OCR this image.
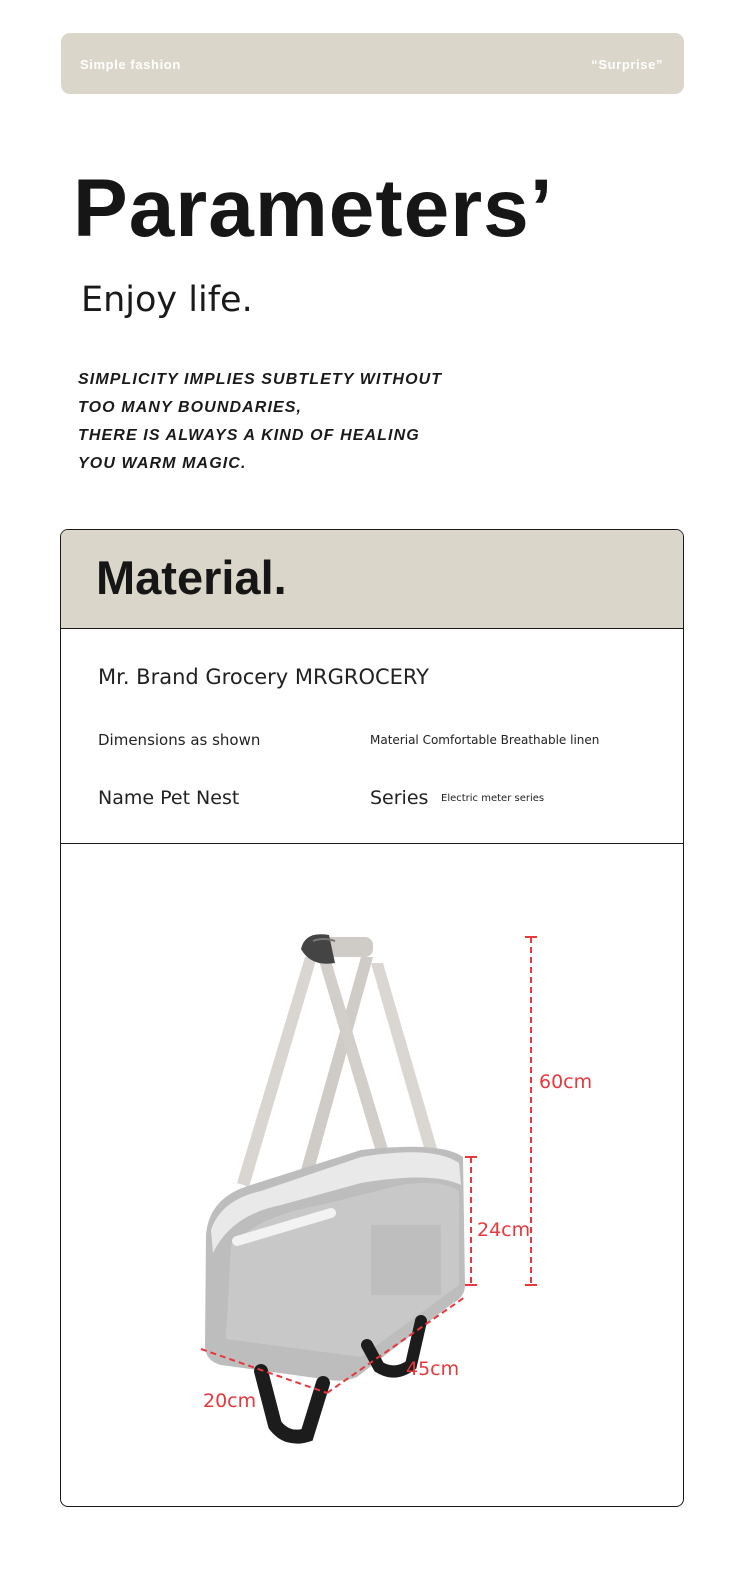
Simple fashion	“Surprise”
Parameters’
Enjoy life.
SIMPLICITY IMPLIES SUBTLETY WITHOUT
TOO MANY BOUNDARIES,
THERE IS ALWAYS A KIND OF HEALING
YOU WARM MAGIC.
Material.
Mr. Brand Grocery MRGROCERY
Dimensions as shown	Material Comfortable Breathable linen
Name Pet Nest	Series Electric meter series
60cm
24cm
45cm
20cm
